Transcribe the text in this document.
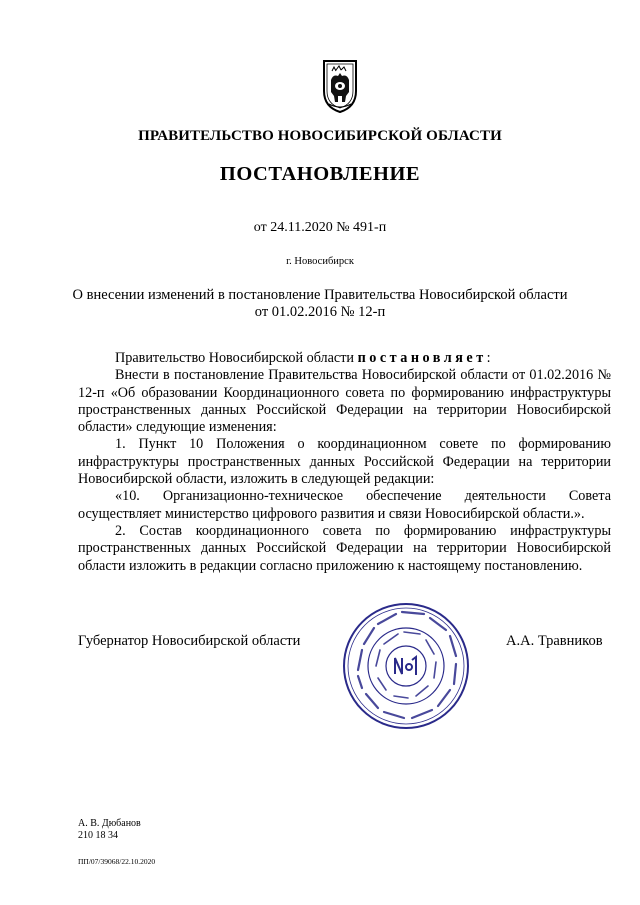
ПРАВИТЕЛЬСТВО НОВОСИБИРСКОЙ ОБЛАСТИ
ПОСТАНОВЛЕНИЕ
от 24.11.2020 № 491-п
г. Новосибирск
О внесении изменений в постановление Правительства Новосибирской области
от 01.02.2016 № 12-п

Правительство Новосибирской области постановляет:

Внести в постановление Правительства Новосибирской области от 01.02.2016 № 12-п «Об образовании Координационного совета по формированию инфраструктуры пространственных данных Российской Федерации на территории Новосибирской области» следующие изменения:

1. Пункт 10 Положения о координационном совете по формированию инфраструктуры пространственных данных Российской Федерации на территории Новосибирской области, изложить в следующей редакции:

«10. Организационно-техническое обеспечение деятельности Совета осуществляет министерство цифрового развития и связи Новосибирской области.».

2. Состав координационного совета по формированию инфраструктуры пространственных данных Российской Федерации на территории Новосибирской области изложить в редакции согласно приложению к настоящему постановлению.

Губернатор Новосибирской области	А.А. Травников
А. В. Дюбанов
210 18 34
ПП/07/39068/22.10.2020
